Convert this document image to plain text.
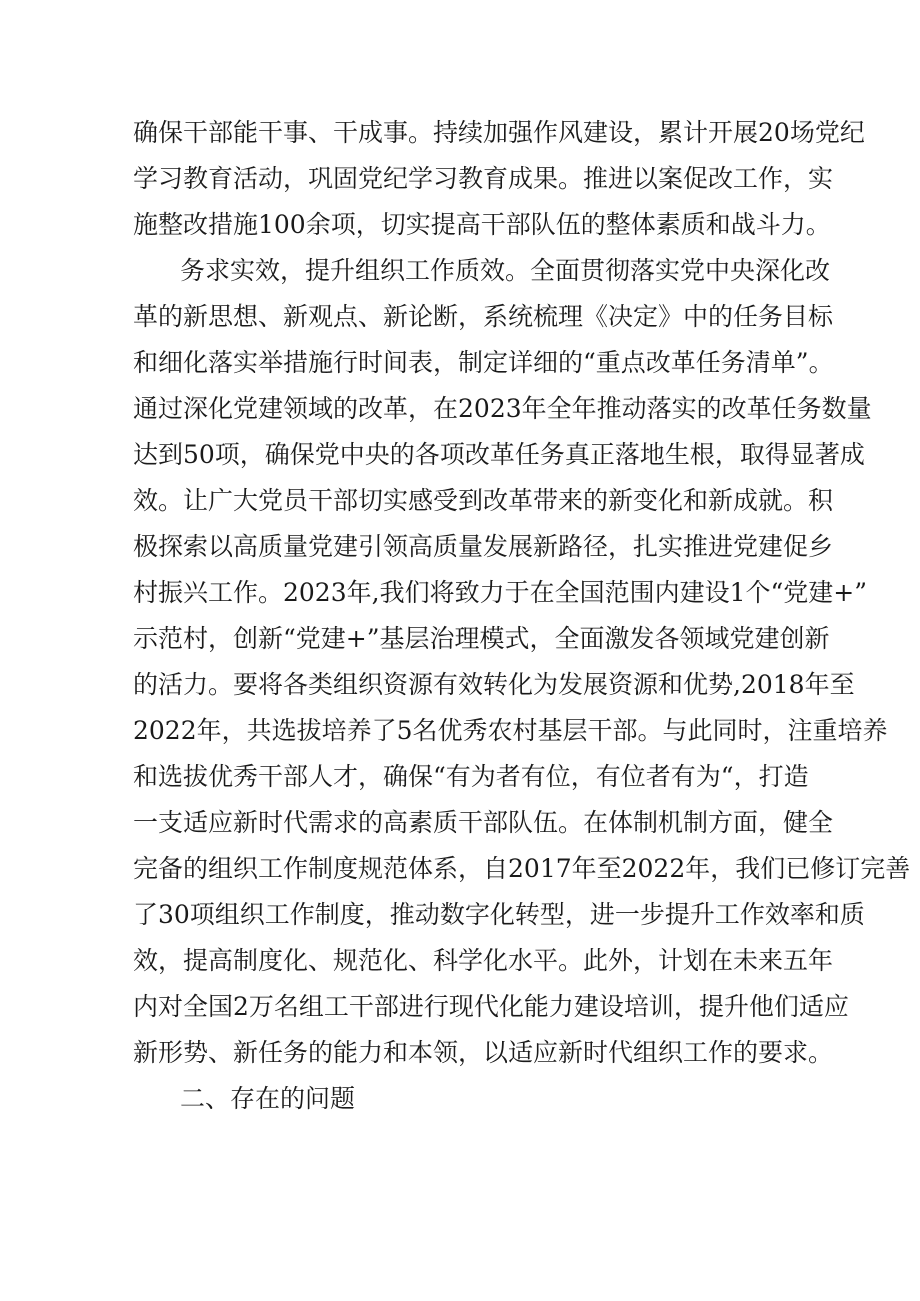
确保干部能干事、干成事。持续加强作风建设，累计开展20场党纪
学习教育活动，巩固党纪学习教育成果。推进以案促改工作，实
施整改措施100余项，切实提高干部队伍的整体素质和战斗力。
务求实效，提升组织工作质效。全面贯彻落实党中央深化改
革的新思想、新观点、新论断，系统梳理《决定》中的任务目标
和细化落实举措施行时间表，制定详细的“重点改革任务清单”。
通过深化党建领域的改革，在2023年全年推动落实的改革任务数量
达到50项，确保党中央的各项改革任务真正落地生根，取得显著成
效。让广大党员干部切实感受到改革带来的新变化和新成就。积
极探索以高质量党建引领高质量发展新路径，扎实推进党建促乡
村振兴工作。2023年,我们将致力于在全国范围内建设1个“党建+”
示范村，创新“党建+”基层治理模式，全面激发各领域党建创新
的活力。要将各类组织资源有效转化为发展资源和优势,2018年至
2022年，共选拔培养了5名优秀农村基层干部。与此同时，注重培养
和选拔优秀干部人才，确保“有为者有位，有位者有为“，打造
一支适应新时代需求的高素质干部队伍。在体制机制方面，健全
完备的组织工作制度规范体系，自2017年至2022年，我们已修订完善
了30项组织工作制度，推动数字化转型，进一步提升工作效率和质
效，提高制度化、规范化、科学化水平。此外，计划在未来五年
内对全国2万名组工干部进行现代化能力建设培训，提升他们适应
新形势、新任务的能力和本领，以适应新时代组织工作的要求。
二、存在的问题
